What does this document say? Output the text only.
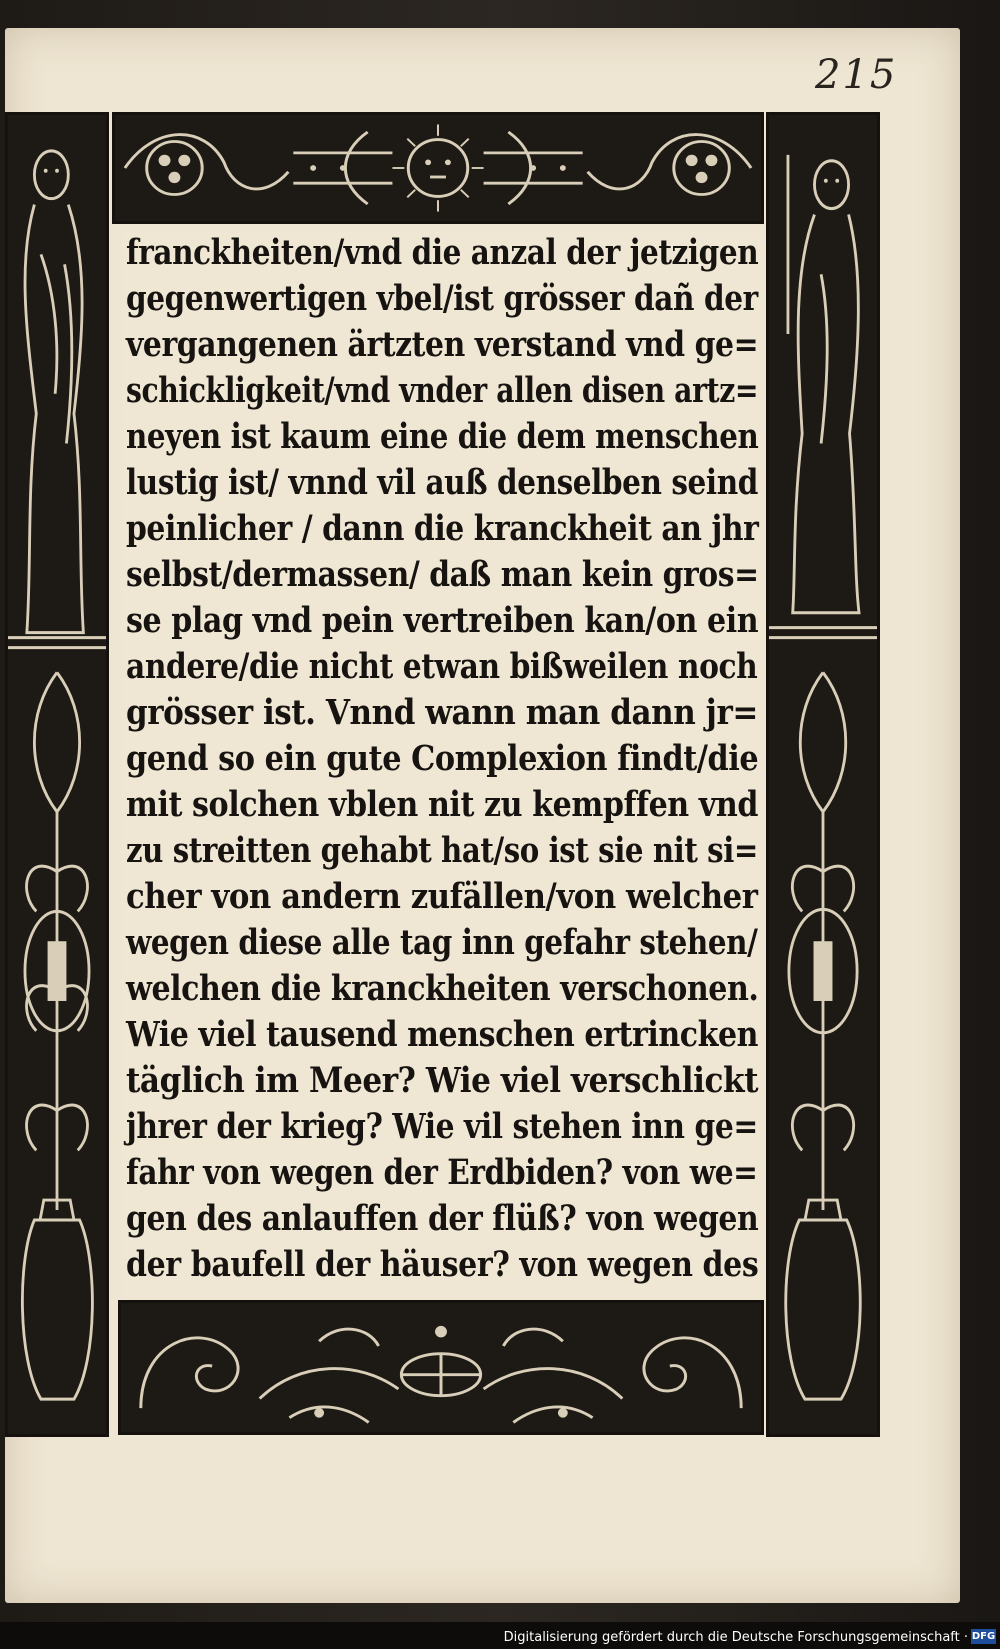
215
franckheiten/vnd die anzal der jetzigen
gegenwertigen vbel/ist grösser dañ der
vergangenen ärtzten verstand vnd ge=
schickligkeit/vnd vnder allen disen artz=
neyen ist kaum eine die dem menschen
lustig ist/ vnnd vil auß denselben seind
peinlicher / dann die kranckheit an jhr
selbst/dermassen/ daß man kein gros=
se plag vnd pein vertreiben kan/on ein
andere/die nicht etwan bißweilen noch
grösser ist. Vnnd wann man dann jr=
gend so ein gute Complexion findt/die
mit solchen vblen nit zu kempffen vnd
zu streitten gehabt hat/so ist sie nit si=
cher von andern zufällen/von welcher
wegen diese alle tag inn gefahr stehen/
welchen die kranckheiten verschonen.
Wie viel tausend menschen ertrincken
täglich im Meer? Wie viel verschlickt
jhrer der krieg? Wie vil stehen inn ge=
fahr von wegen der Erdbiden? von we=
gen des anlauffen der flüß? von wegen
der baufell der häuser? von wegen des
Digitalisierung gefördert durch die Deutsche Forschungsgemeinschaft · DFG
